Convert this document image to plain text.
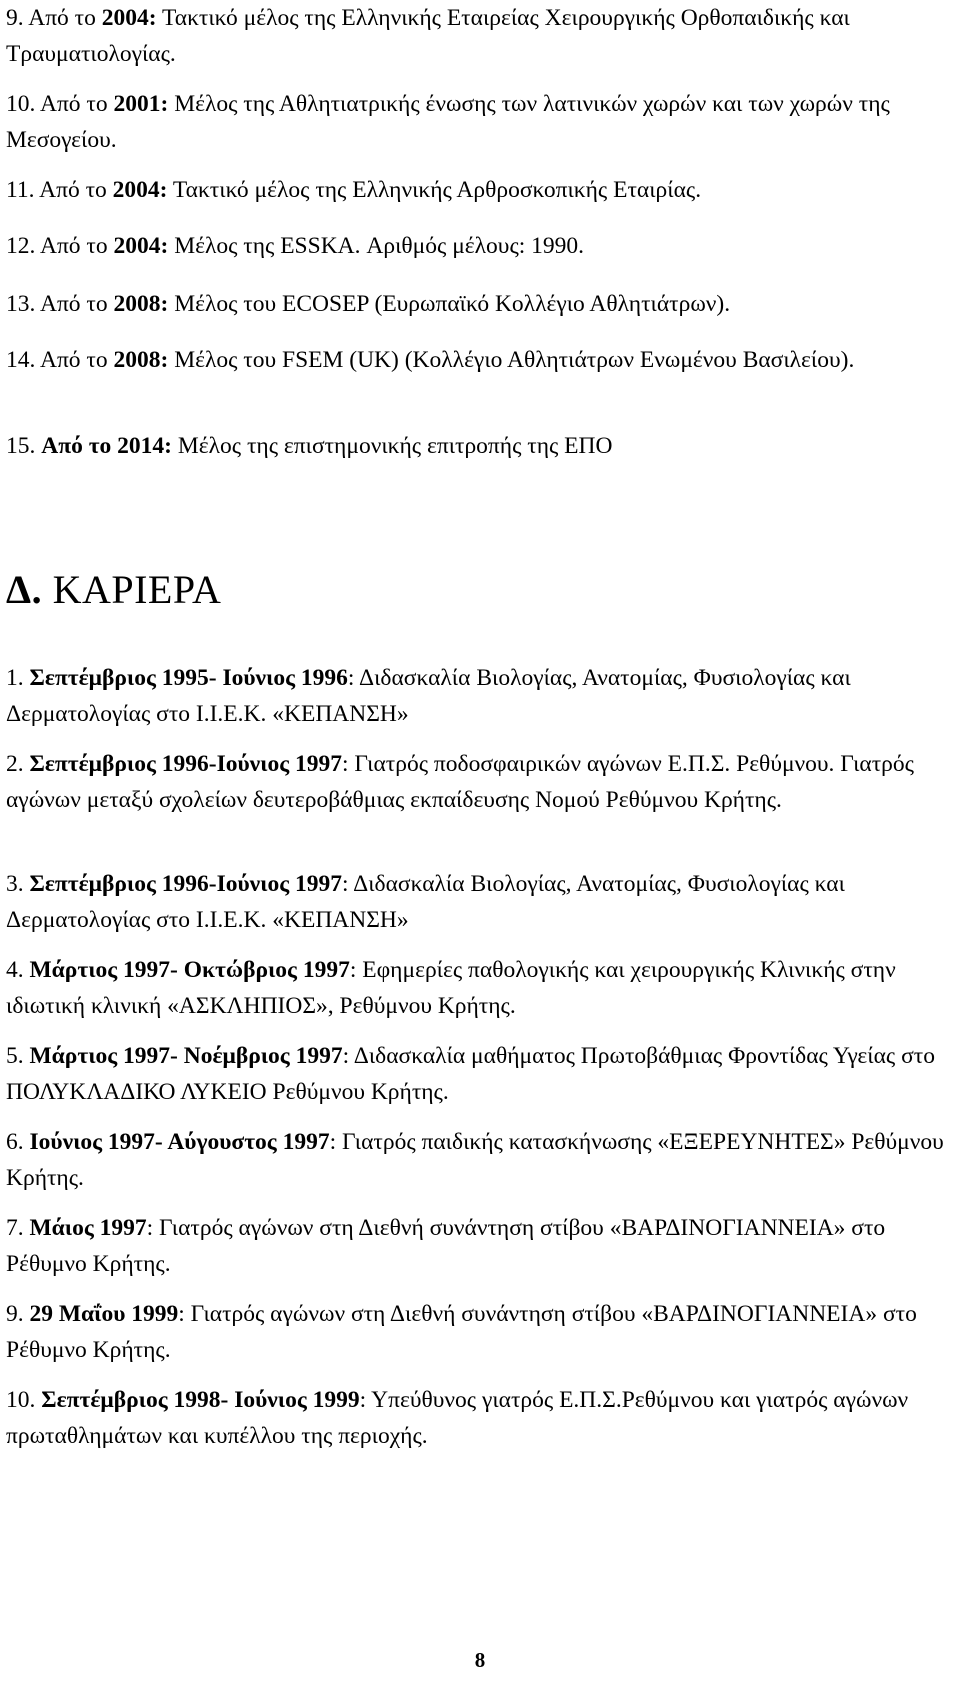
9. Από το 2004: Τακτικό μέλος της Ελληνικής Εταιρείας Χειρουργικής Ορθοπαιδικής και Τραυματιολογίας.

10. Από το 2001: Μέλος της Αθλητιατρικής ένωσης των λατινικών χωρών και των χωρών της Μεσογείου.

11. Από το 2004: Τακτικό μέλος της Ελληνικής Αρθροσκοπικής Εταιρίας.

12. Από το 2004: Μέλος της ESSKA. Αριθμός μέλους: 1990.

13. Από το 2008: Μέλος του ECOSEP (Ευρωπαϊκό Κολλέγιο Αθλητιάτρων).

14. Από το 2008: Μέλος του FSEM (UK) (Κολλέγιο Αθλητιάτρων Ενωμένου Βασιλείου).

15. Από το 2014: Μέλος της επιστημονικής επιτροπής της ΕΠΟ

Δ. ΚΑΡΙΕΡΑ

1. Σεπτέμβριος 1995- Ιούνιος 1996: Διδασκαλία Βιολογίας, Ανατομίας, Φυσιολογίας και Δερματολογίας στο Ι.Ι.Ε.Κ. «ΚΕΠΑΝΣΗ»

2. Σεπτέμβριος 1996-Ιούνιος 1997: Γιατρός ποδοσφαιρικών αγώνων Ε.Π.Σ. Ρεθύμνου. Γιατρός αγώνων μεταξύ σχολείων δευτεροβάθμιας εκπαίδευσης Νομού Ρεθύμνου Κρήτης.

3. Σεπτέμβριος 1996-Ιούνιος 1997: Διδασκαλία Βιολογίας, Ανατομίας, Φυσιολογίας και Δερματολογίας στο Ι.Ι.Ε.Κ. «ΚΕΠΑΝΣΗ»

4. Μάρτιος 1997- Οκτώβριος 1997: Εφημερίες παθολογικής και χειρουργικής Κλινικής στην ιδιωτική κλινική «ΑΣΚΛΗΠΙΟΣ», Ρεθύμνου Κρήτης.

5. Μάρτιος 1997- Νοέμβριος 1997: Διδασκαλία μαθήματος Πρωτοβάθμιας Φροντίδας Υγείας στο ΠΟΛΥΚΛΑΔΙΚΟ ΛΥΚΕΙΟ Ρεθύμνου Κρήτης.

6. Ιούνιος 1997- Αύγουστος 1997: Γιατρός παιδικής κατασκήνωσης «ΕΞΕΡΕΥΝΗΤΕΣ» Ρεθύμνου Κρήτης.

7. Μάιος 1997: Γιατρός αγώνων στη Διεθνή συνάντηση στίβου «ΒΑΡΔΙΝΟΓΙΑΝΝΕΙΑ» στο Ρέθυμνο Κρήτης.

9. 29 Μαΐου 1999: Γιατρός αγώνων στη Διεθνή συνάντηση στίβου «ΒΑΡΔΙΝΟΓΙΑΝΝΕΙΑ» στο Ρέθυμνο Κρήτης.

10. Σεπτέμβριος 1998- Ιούνιος 1999: Υπεύθυνος γιατρός Ε.Π.Σ.Ρεθύμνου και γιατρός αγώνων πρωταθλημάτων και κυπέλλου της περιοχής.

8
